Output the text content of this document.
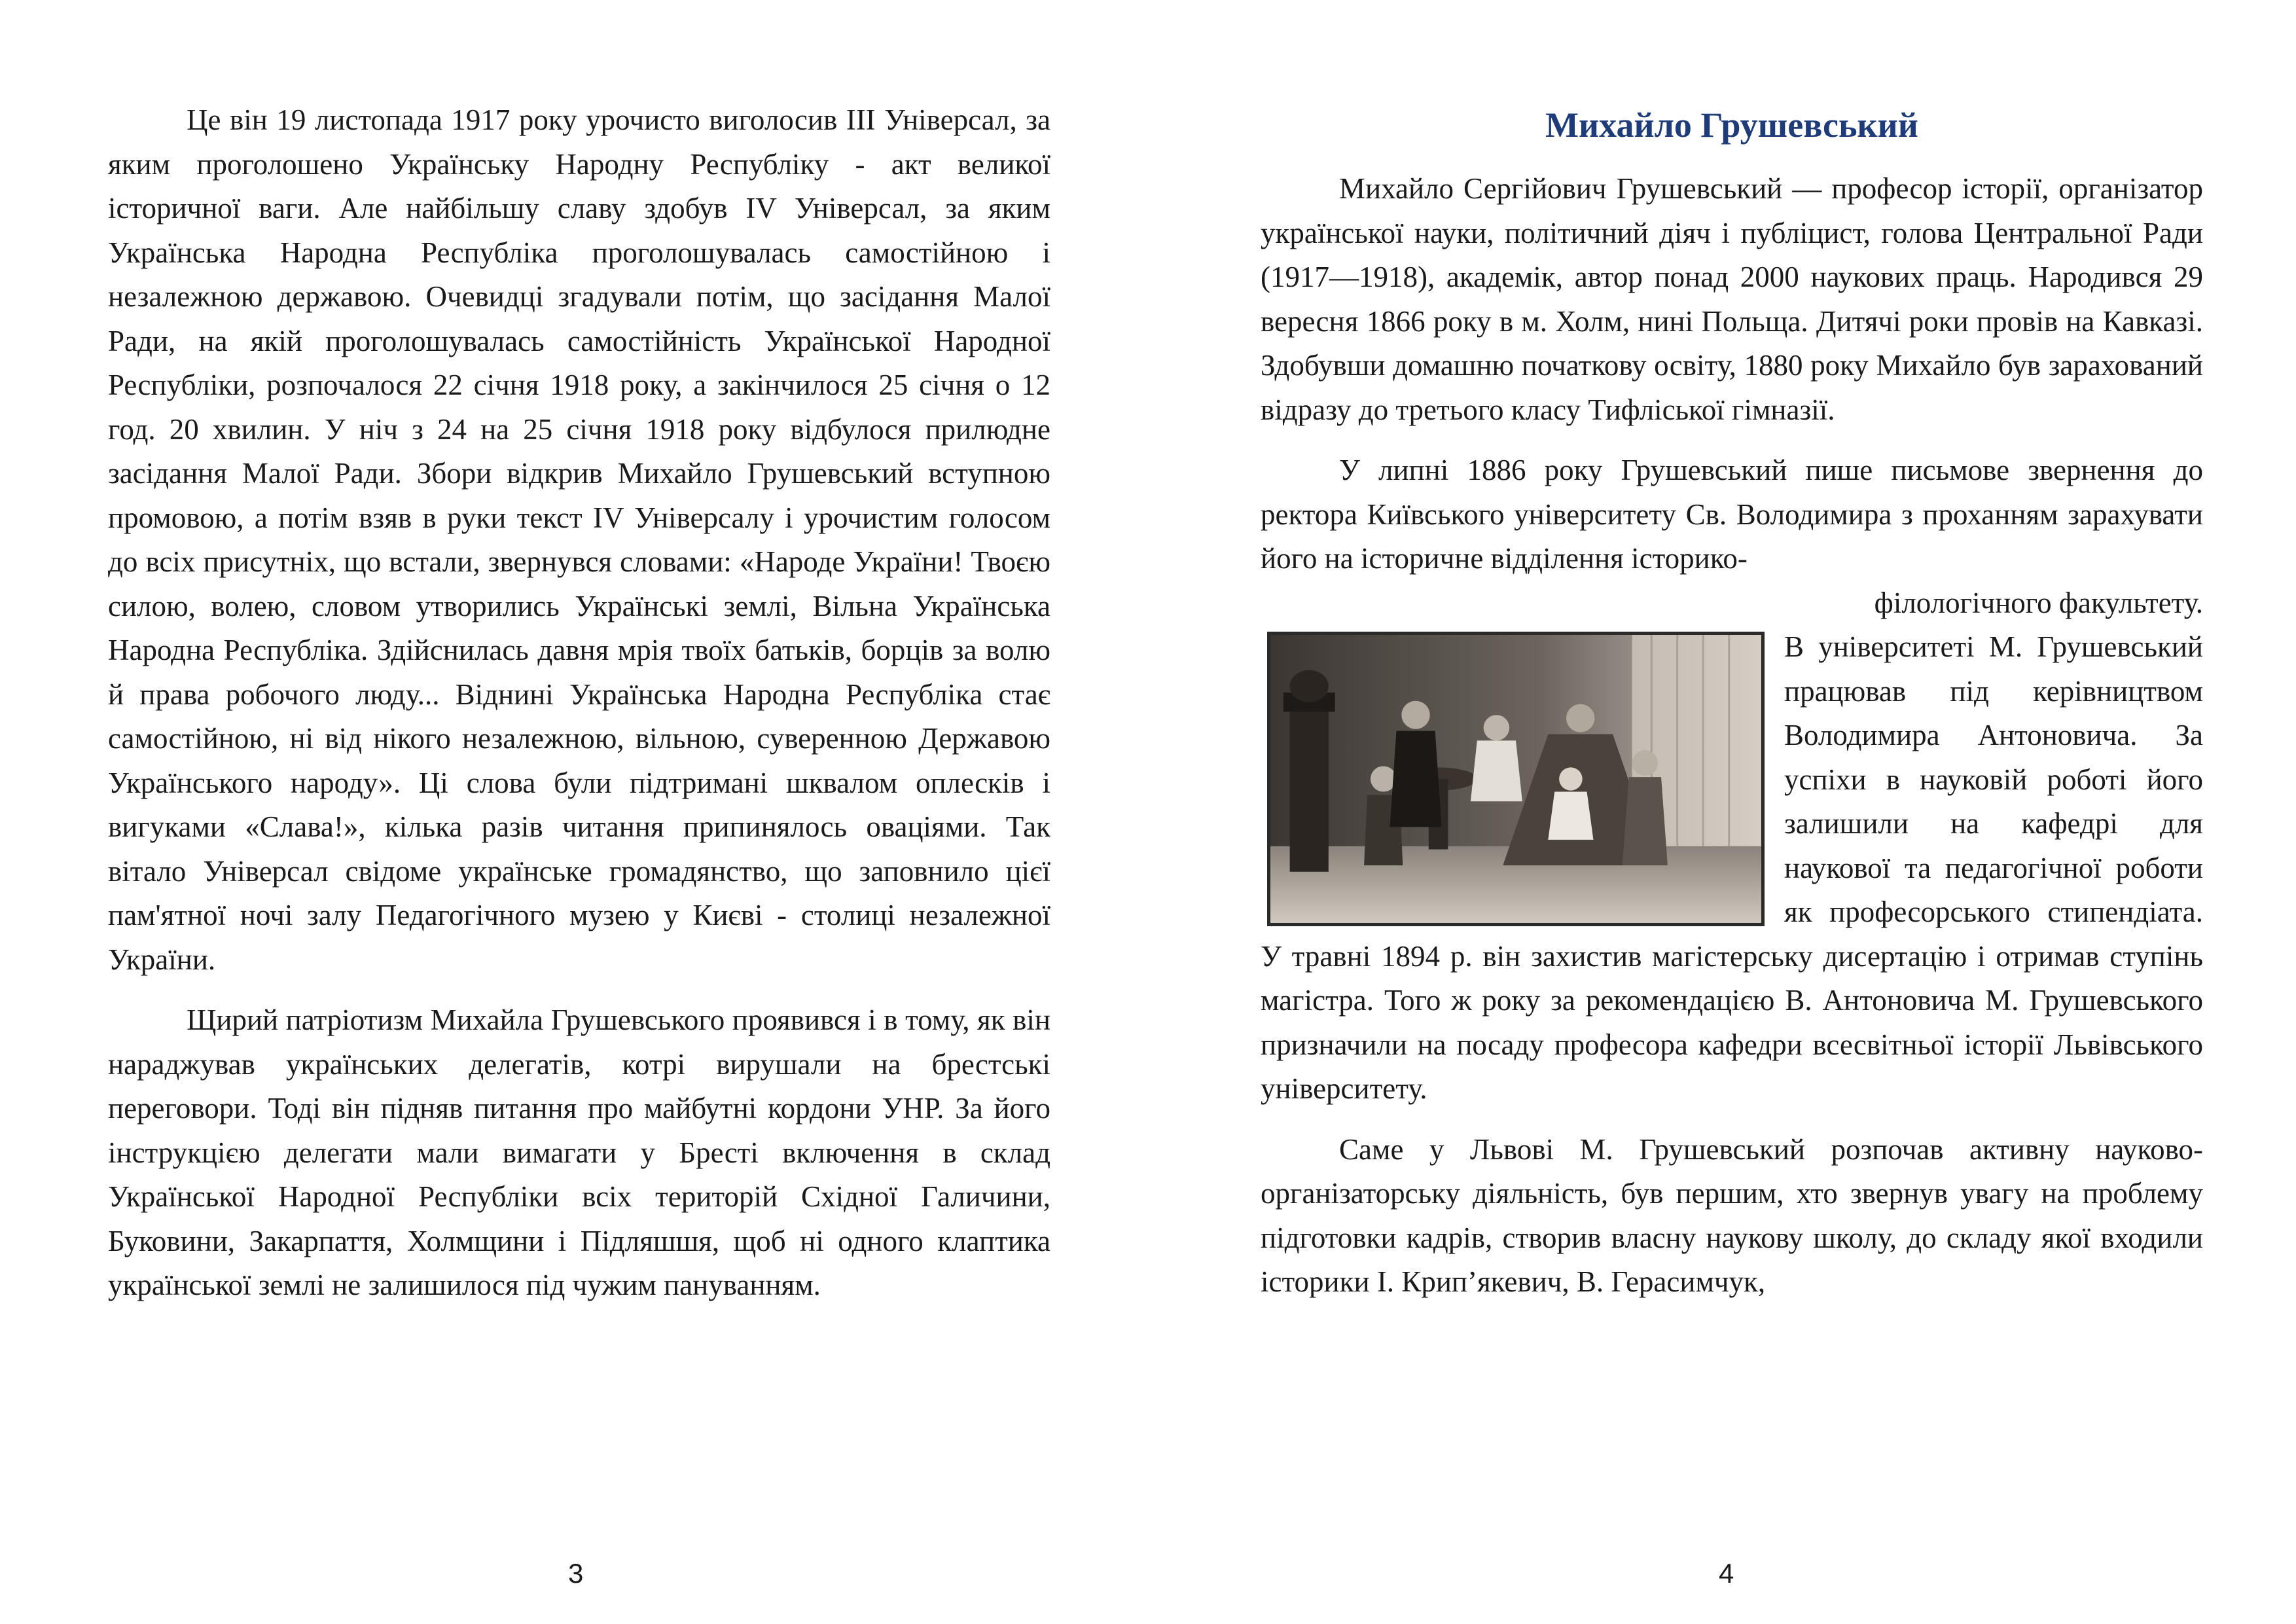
Це він 19 листопада 1917 року урочисто виголосив ІІІ Універсал, за яким проголошено Українську Народну Республіку - акт великої історичної ваги. Але найбільшу славу здобув IV Універсал, за яким Українська Народна Республіка проголошувалась самостійною і незалежною державою. Очевидці згадували потім, що засідання Малої Ради, на якій проголошувалась самостійність Української Народної Республіки, розпочалося 22 січня 1918 року, а закінчилося 25 січня о 12 год. 20 хвилин. У ніч з 24 на 25 січня 1918 року відбулося прилюдне засідання Малої Ради. Збори відкрив Михайло Грушевський вступною промовою, а потім взяв в руки текст IV Універсалу і урочистим голосом до всіх присутніх, що встали, звернувся словами: «Народе України! Твоєю силою, волею, словом утворились Українські землі, Вільна Українська Народна Республіка. Здійснилась давня мрія твоїх батьків, борців за волю й права робочого люду... Віднині Українська Народна Республіка стає самостійною, ні від нікого незалежною, вільною, суверенною Державою Українського народу». Ці слова були підтримані шквалом оплесків і вигуками «Слава!», кілька разів читання припинялось оваціями. Так вітало Універсал свідоме українське громадянство, що заповнило цієї пам'ятної ночі залу Педагогічного музею у Києві - столиці незалежної України.

Щирий патріотизм Михайла Грушевського проявився і в тому, як він нараджував українських делегатів, котрі вирушали на брестські переговори. Тоді він підняв питання про майбутні кордони УНР. За його інструкцією делегати мали вимагати у Бресті включення в склад Української Народної Республіки всіх територій Східної Галичини, Буковини, Закарпаття, Холмщини і Підляшшя, щоб ні одного клаптика української землі не залишилося під чужим пануванням.

3
Михайло Грушевський

Михайло Сергійович Грушевський — професор історії, організатор української науки, політичний діяч і публіцист, голова Центральної Ради (1917—1918), академік, автор понад 2000 наукових праць. Народився 29 вересня 1866 року в м. Холм, нині Польща. Дитячі роки провів на Кавказі. Здобувши домашню початкову освіту, 1880 року Михайло був зарахований відразу до третього класу Тифліської гімназії.

У липні 1886 року Грушевський пише письмове звернення до ректора Київського університету Св. Володимира з проханням зарахувати його на історичне відділення історико-

філологічного факультету.

В університеті М. Грушевський працював під керівництвом Володимира Антоновича. За успіхи в науковій роботі його залишили на кафедрі для наукової та педагогічної роботи як професорського стипендіата. У травні 1894 р. він захистив магістерську дисертацію і отримав ступінь магістра. Того ж року за рекомендацією В. Антоновича М. Грушевського призначили на посаду професора кафедри всесвітньої історії Львівського університету.

Саме у Львові М. Грушевський розпочав активну науково-організаторську діяльність, був першим, хто звернув увагу на проблему підготовки кадрів, створив власну наукову школу, до складу якої входили історики І. Крип’якевич, В. Герасимчук,

4
